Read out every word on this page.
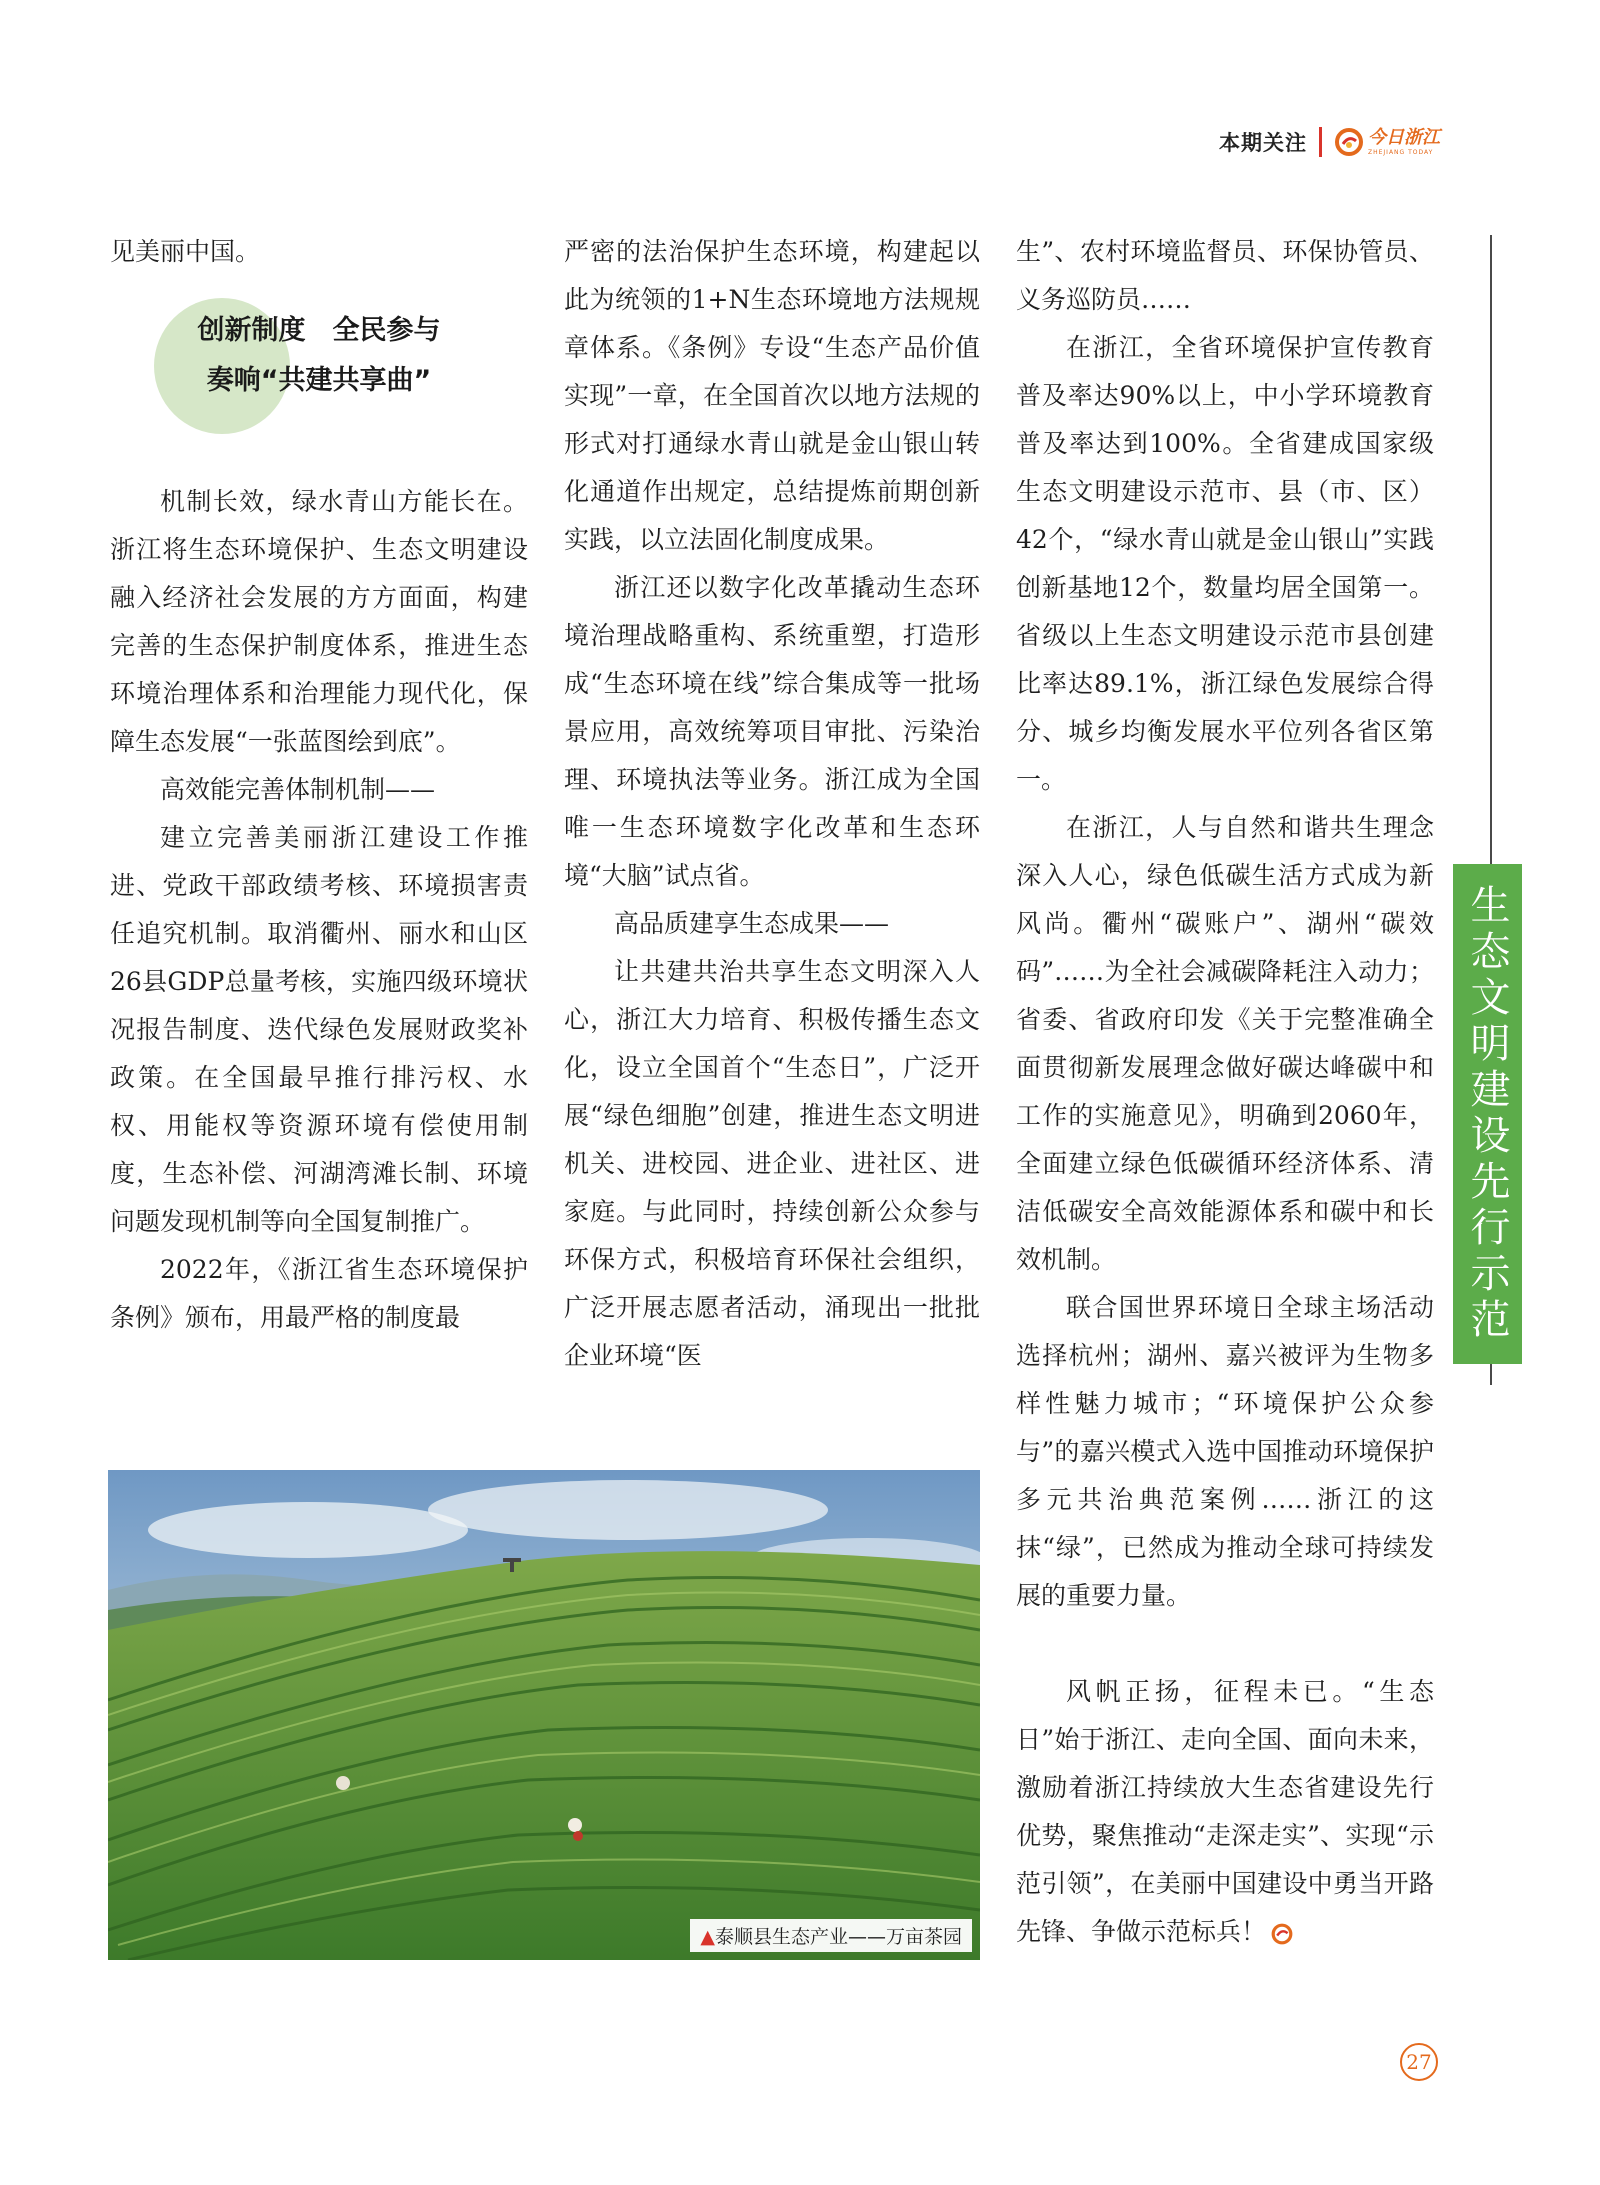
本期关注	今日浙江
ZHEJIANG TODAY

见美丽中国。

创新制度　全民参与
奏响“共建共享曲”

机制长效，绿水青山方能长在。浙江将生态环境保护、生态文明建设融入经济社会发展的方方面面，构建完善的生态保护制度体系，推进生态环境治理体系和治理能力现代化，保障生态发展“一张蓝图绘到底”。

高效能完善体制机制——

建立完善美丽浙江建设工作推进、党政干部政绩考核、环境损害责任追究机制。取消衢州、丽水和山区26县GDP总量考核，实施四级环境状况报告制度、迭代绿色发展财政奖补政策。在全国最早推行排污权、水权、用能权等资源环境有偿使用制度，生态补偿、河湖湾滩长制、环境问题发现机制等向全国复制推广。

2022年，《浙江省生态环境保护条例》颁布，用最严格的制度最

严密的法治保护生态环境，构建起以此为统领的1+N生态环境地方法规规章体系。《条例》专设“生态产品价值实现”一章，在全国首次以地方法规的形式对打通绿水青山就是金山银山转化通道作出规定，总结提炼前期创新实践，以立法固化制度成果。

浙江还以数字化改革撬动生态环境治理战略重构、系统重塑，打造形成“生态环境在线”综合集成等一批场景应用，高效统筹项目审批、污染治理、环境执法等业务。浙江成为全国唯一生态环境数字化改革和生态环境“大脑”试点省。

高品质建享生态成果——

让共建共治共享生态文明深入人心，浙江大力培育、积极传播生态文化，设立全国首个“生态日”，广泛开展“绿色细胞”创建，推进生态文明进机关、进校园、进企业、进社区、进家庭。与此同时，持续创新公众参与环保方式，积极培育环保社会组织，广泛开展志愿者活动，涌现出一批批企业环境“医

生”、农村环境监督员、环保协管员、义务巡防员……

在浙江，全省环境保护宣传教育普及率达90%以上，中小学环境教育普及率达到100%。全省建成国家级生态文明建设示范市、县（市、区）42个，“绿水青山就是金山银山”实践创新基地12个，数量均居全国第一。省级以上生态文明建设示范市县创建比率达89.1%，浙江绿色发展综合得分、城乡均衡发展水平位列各省区第一。

在浙江，人与自然和谐共生理念深入人心，绿色低碳生活方式成为新风尚。衢州“碳账户”、湖州“碳效码”……为全社会减碳降耗注入动力；省委、省政府印发《关于完整准确全面贯彻新发展理念做好碳达峰碳中和工作的实施意见》，明确到2060年，全面建立绿色低碳循环经济体系、清洁低碳安全高效能源体系和碳中和长效机制。

联合国世界环境日全球主场活动选择杭州；湖州、嘉兴被评为生物多样性魅力城市；“环境保护公众参与”的嘉兴模式入选中国推动环境保护多元共治典范案例……浙江的这抹“绿”，已然成为推动全球可持续发展的重要力量。

风帆正扬，征程未已。“生态日”始于浙江、走向全国、面向未来，激励着浙江持续放大生态省建设先行优势，聚焦推动“走深走实”、实现“示范引领”，在美丽中国建设中勇当开路先锋、争做示范标兵！

▲泰顺县生态产业——万亩茶园
生态文明建设先行示范
27
